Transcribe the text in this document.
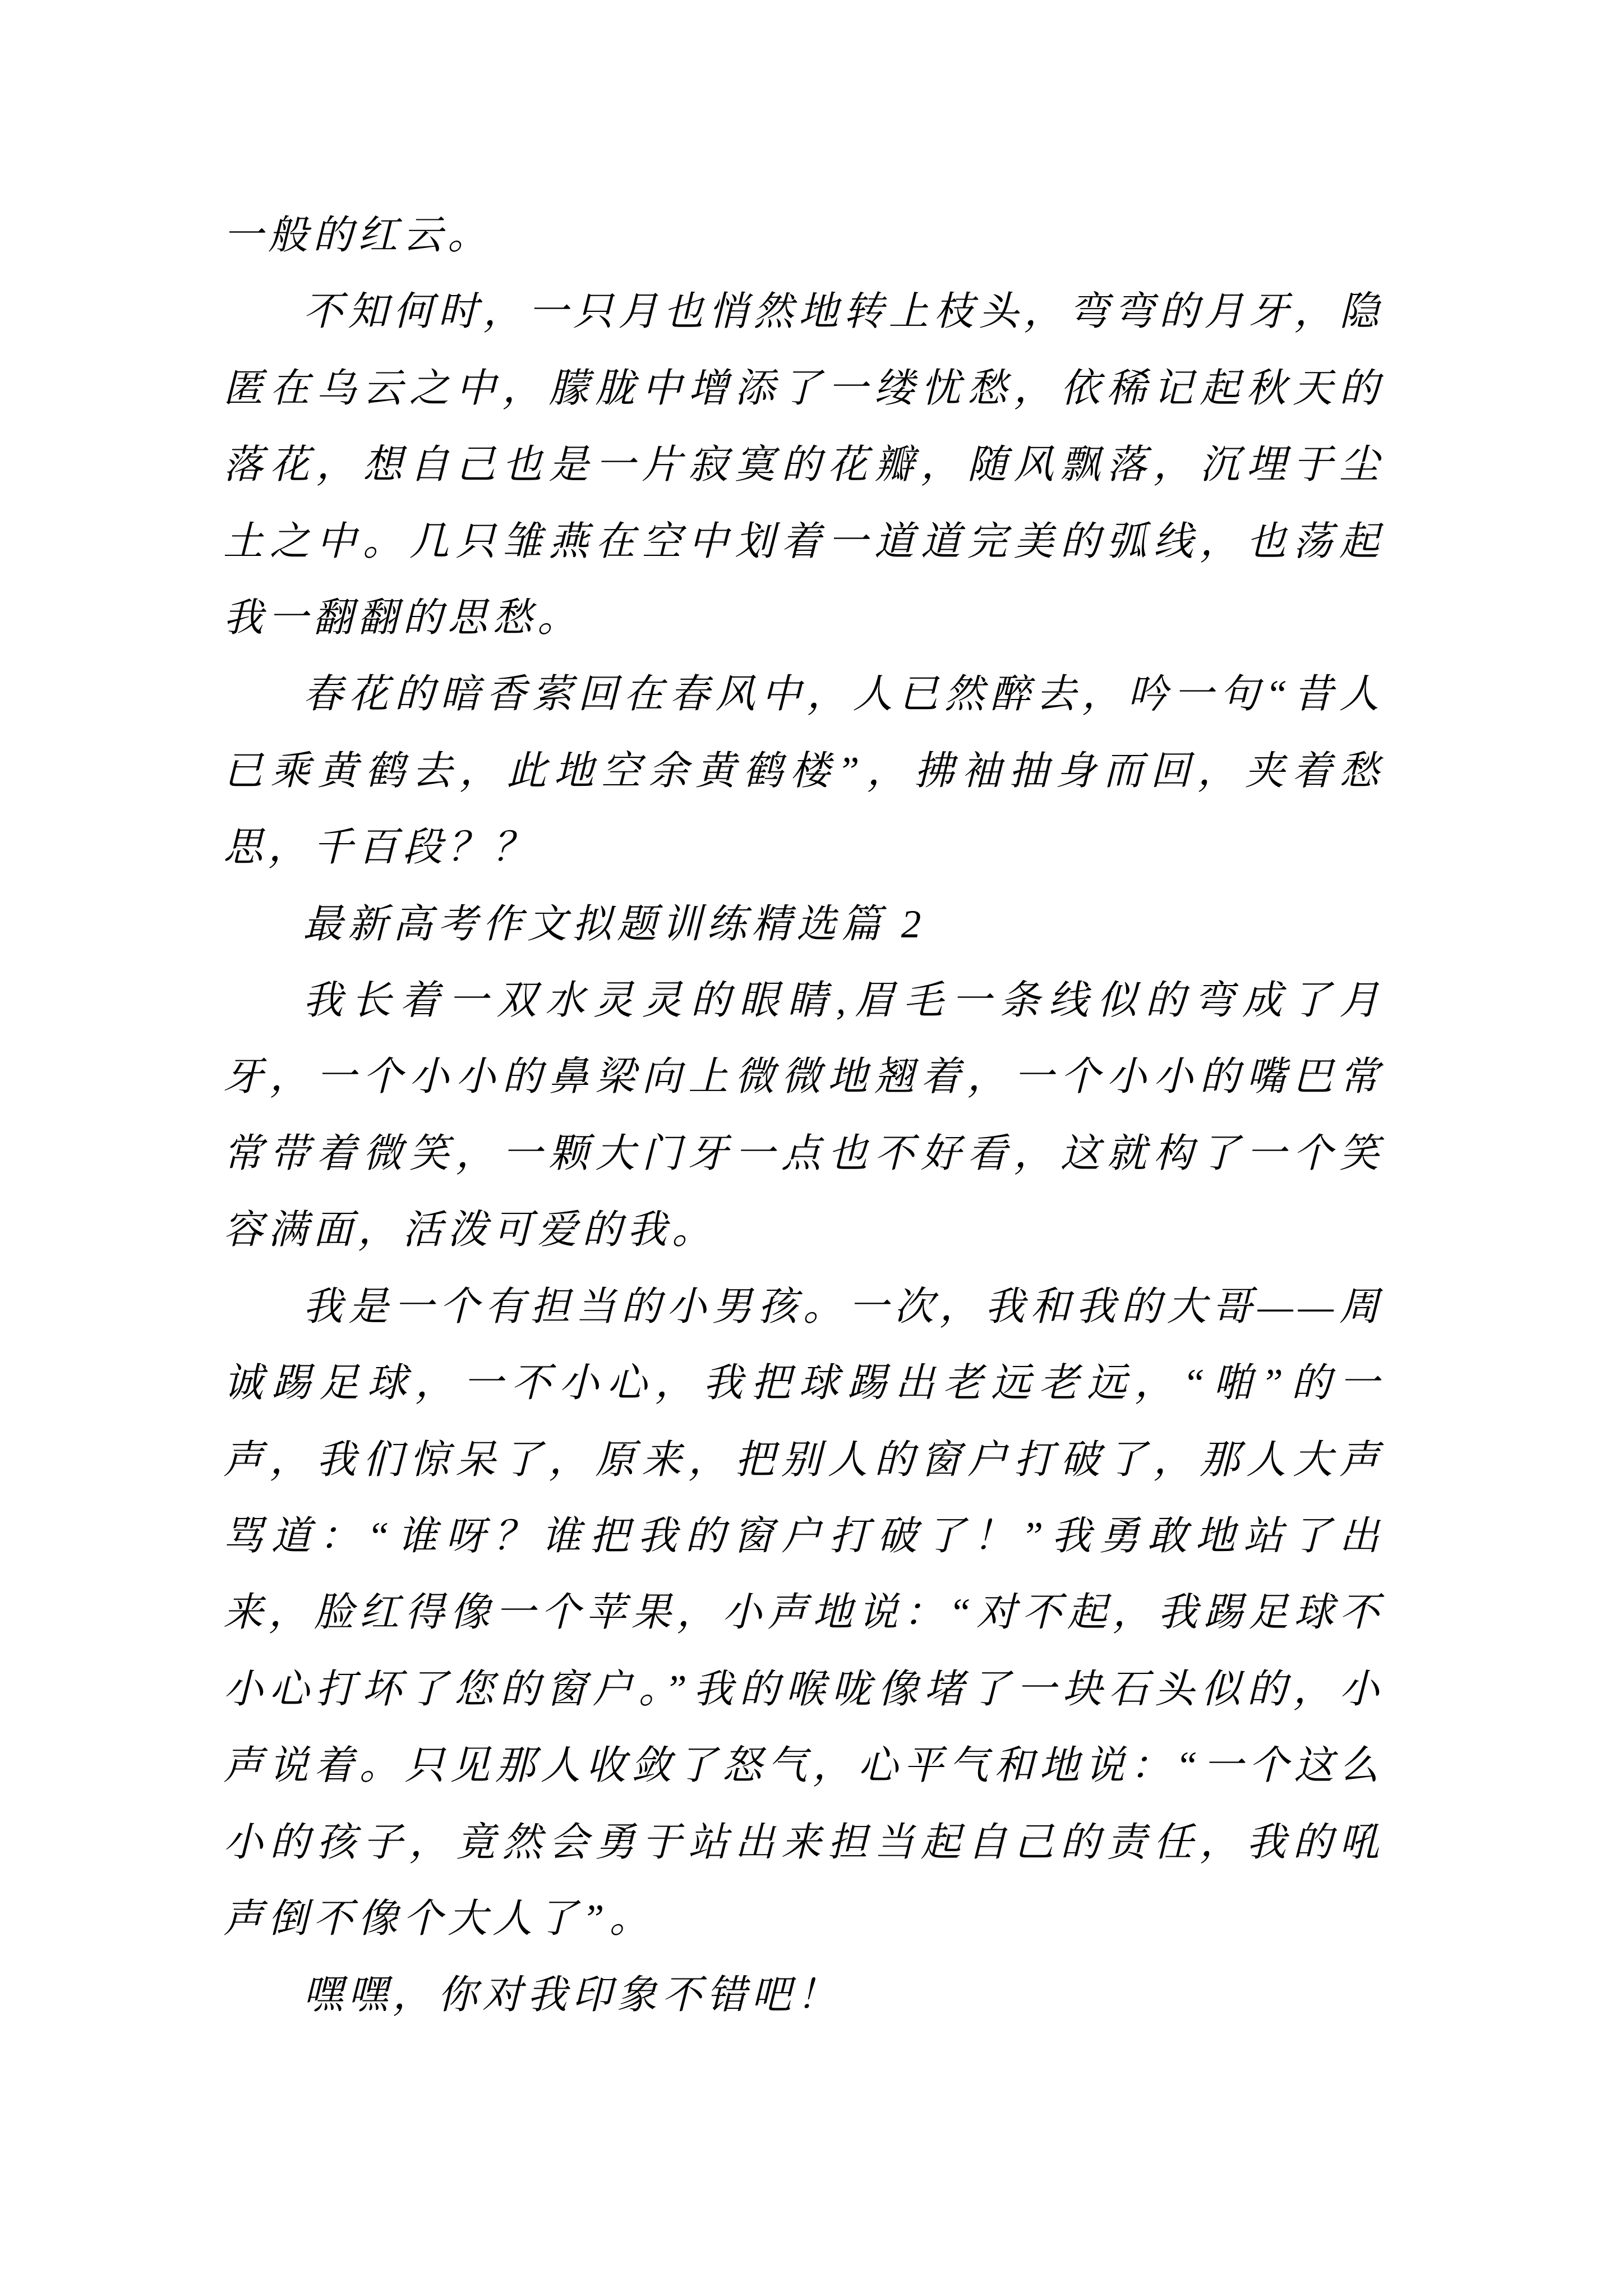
一般的红云。

不知何时，一只月也悄然地转上枝头，弯弯的月牙，隐匿在乌云之中，朦胧中增添了一缕忧愁，依稀记起秋天的落花，想自己也是一片寂寞的花瓣，随风飘落，沉埋于尘土之中。几只雏燕在空中划着一道道完美的弧线，也荡起我一翻翻的思愁。

春花的暗香萦回在春风中，人已然醉去，吟一句“昔人已乘黄鹤去，此地空余黄鹤楼”，拂袖抽身而回，夹着愁思，千百段？？

最新高考作文拟题训练精选篇 2

我长着一双水灵灵的眼睛,眉毛一条线似的弯成了月牙，一个小小的鼻梁向上微微地翘着，一个小小的嘴巴常常带着微笑，一颗大门牙一点也不好看，这就构了一个笑容满面，活泼可爱的我。

我是一个有担当的小男孩。一次，我和我的大哥——周诚踢足球，一不小心，我把球踢出老远老远，“啪”的一声，我们惊呆了，原来，把别人的窗户打破了，那人大声骂道：“谁呀？谁把我的窗户打破了！”我勇敢地站了出来，脸红得像一个苹果，小声地说：“对不起，我踢足球不小心打坏了您的窗户。”我的喉咙像堵了一块石头似的，小声说着。只见那人收敛了怒气，心平气和地说：“一个这么小的孩子，竟然会勇于站出来担当起自己的责任，我的吼声倒不像个大人了”。

嘿嘿，你对我印象不错吧！
